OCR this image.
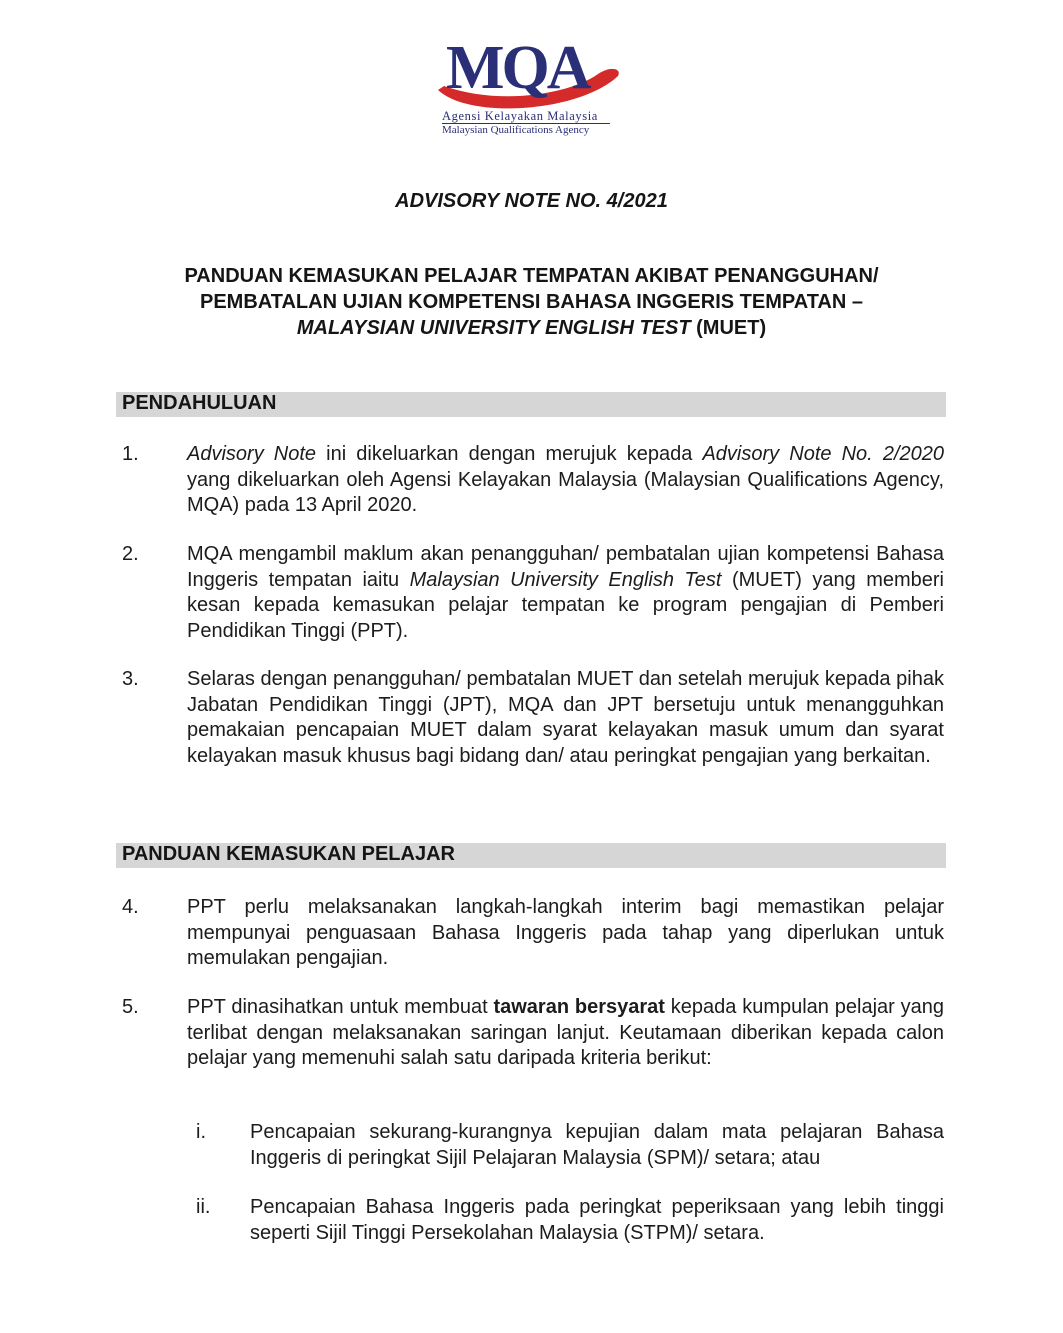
MQA
Agensi Kelayakan Malaysia
Malaysian Qualifications Agency
ADVISORY NOTE NO. 4/2021
PANDUAN KEMASUKAN PELAJAR TEMPATAN AKIBAT PENANGGUHAN/
PEMBATALAN UJIAN KOMPETENSI BAHASA INGGERIS TEMPATAN –
MALAYSIAN UNIVERSITY ENGLISH TEST (MUET)
PENDAHULUAN
1.	Advisory Note ini dikeluarkan dengan merujuk kepada Advisory Note No. 2/2020 yang dikeluarkan oleh Agensi Kelayakan Malaysia (Malaysian Qualifications Agency, MQA) pada 13 April 2020.
2.	MQA mengambil maklum akan penangguhan/ pembatalan ujian kompetensi Bahasa Inggeris tempatan iaitu Malaysian University English Test (MUET) yang memberi kesan kepada kemasukan pelajar tempatan ke program pengajian di Pemberi Pendidikan Tinggi (PPT).
3.	Selaras dengan penangguhan/ pembatalan MUET dan setelah merujuk kepada pihak Jabatan Pendidikan Tinggi (JPT), MQA dan JPT bersetuju untuk menangguhkan pemakaian pencapaian MUET dalam syarat kelayakan masuk umum dan syarat kelayakan masuk khusus bagi bidang dan/ atau peringkat pengajian yang berkaitan.
PANDUAN KEMASUKAN PELAJAR
4.	PPT perlu melaksanakan langkah-langkah interim bagi memastikan pelajar mempunyai penguasaan Bahasa Inggeris pada tahap yang diperlukan untuk memulakan pengajian.
5.	PPT dinasihatkan untuk membuat tawaran bersyarat kepada kumpulan pelajar yang terlibat dengan melaksanakan saringan lanjut. Keutamaan diberikan kepada calon pelajar yang memenuhi salah satu daripada kriteria berikut:
i.	Pencapaian sekurang-kurangnya kepujian dalam mata pelajaran Bahasa Inggeris di peringkat Sijil Pelajaran Malaysia (SPM)/ setara; atau
ii.	Pencapaian Bahasa Inggeris pada peringkat peperiksaan yang lebih tinggi seperti Sijil Tinggi Persekolahan Malaysia (STPM)/ setara.
